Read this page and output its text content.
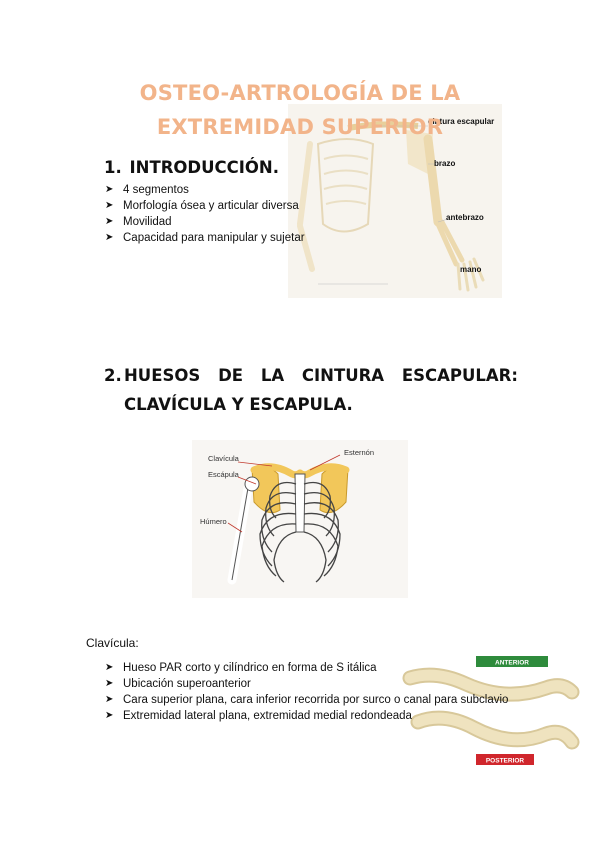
cintura escapular
brazo
antebrazo
mano
OSTEO-ARTROLOGÍA DE LA
EXTREMIDAD SUPERIOR
1. INTRODUCCIÓN.
➤ 4 segmentos
➤ Morfología ósea y articular diversa
➤ Movilidad
➤ Capacidad para manipular y sujetar
2. HUESOS DE LA CINTURA ESCAPULAR:
CLAVÍCULA Y ESCAPULA.
Clavícula
Escápula
Esternón
Húmero
ANTERIOR
POSTERIOR
Clavícula:
➤ Hueso PAR corto y cilíndrico en forma de S itálica
➤ Ubicación superoanterior
➤ Cara superior plana, cara inferior recorrida por surco o canal para subclavio
➤ Extremidad lateral plana, extremidad medial redondeada
